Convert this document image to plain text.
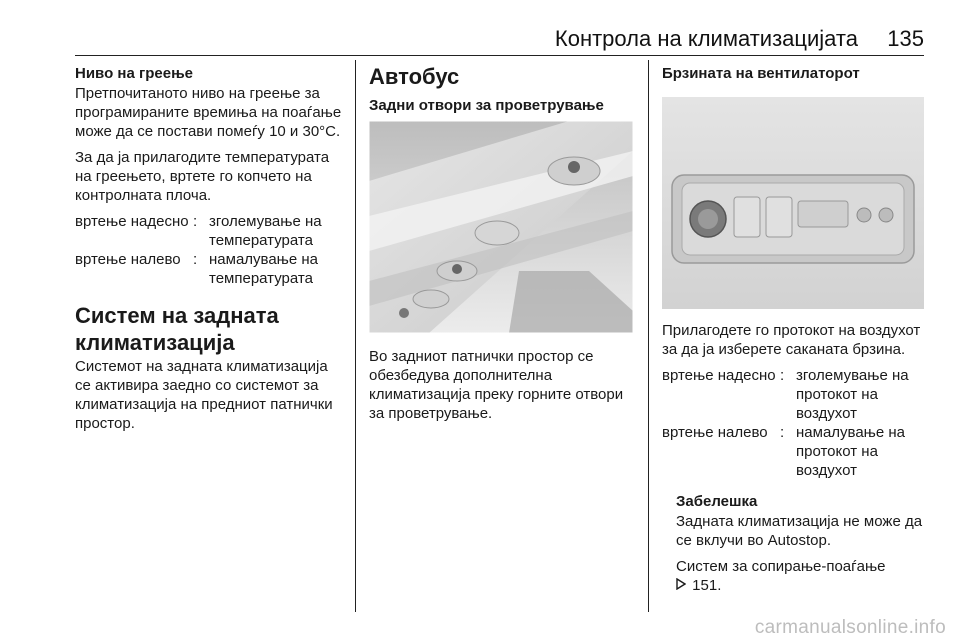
Контрола на климатизацијата 135
Ниво на греење
Претпочитаното ниво на греење за програмираните времиња на поаѓање може да се постави помеѓу 10 и 30°C.
За да ја прилагодите температурата на греењето, вртете го копчето на контролната плоча.
вртење надесно	:	зголемување на температурата
вртење налево	:	намалување на температурата
Систем на задната климатизација
Системот на задната климатизација се активира заедно со системот за климатизација на предниот патнички простор.
Автобус
Задни отвори за проветрување
Во задниот патнички простор се обезбедува дополнителна климатизација преку горните отвори за проветрување.
Брзината на вентилаторот
Прилагодете го протокот на воздухот за да ја изберете саканата брзина.
вртење надесно	:	зголемување на протокот на воздухот
вртење налево	:	намалување на протокот на воздухот
Забелешка
Задната климатизација не може да се вклучи во Autostop.
Систем за сопирање-поаѓање
151.
carmanualsonline.info
